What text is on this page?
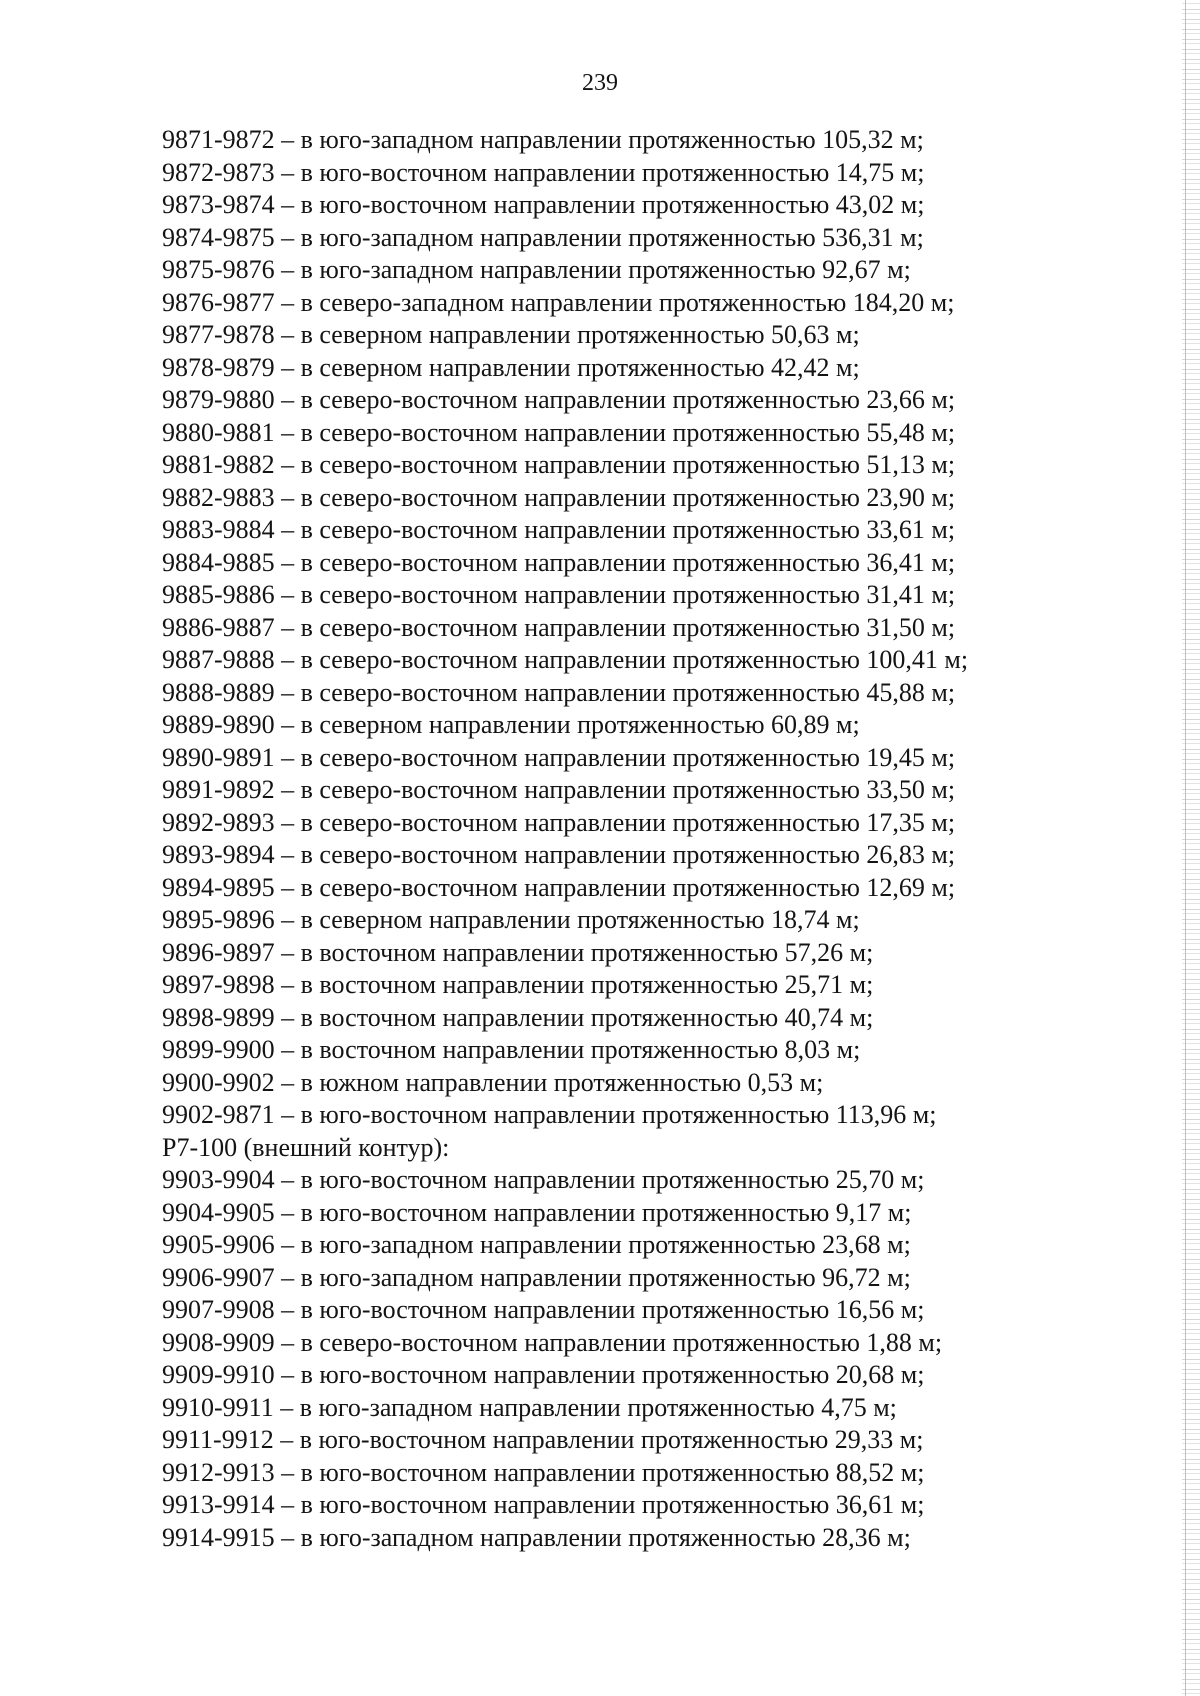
239
9871-9872 – в юго-западном направлении протяженностью 105,32 м;
9872-9873 – в юго-восточном направлении протяженностью 14,75 м;
9873-9874 – в юго-восточном направлении протяженностью 43,02 м;
9874-9875 – в юго-западном направлении протяженностью 536,31 м;
9875-9876 – в юго-западном направлении протяженностью 92,67 м;
9876-9877 – в северо-западном направлении протяженностью 184,20 м;
9877-9878 – в северном направлении протяженностью 50,63 м;
9878-9879 – в северном направлении протяженностью 42,42 м;
9879-9880 – в северо-восточном направлении протяженностью 23,66 м;
9880-9881 – в северо-восточном направлении протяженностью 55,48 м;
9881-9882 – в северо-восточном направлении протяженностью 51,13 м;
9882-9883 – в северо-восточном направлении протяженностью 23,90 м;
9883-9884 – в северо-восточном направлении протяженностью 33,61 м;
9884-9885 – в северо-восточном направлении протяженностью 36,41 м;
9885-9886 – в северо-восточном направлении протяженностью 31,41 м;
9886-9887 – в северо-восточном направлении протяженностью 31,50 м;
9887-9888 – в северо-восточном направлении протяженностью 100,41 м;
9888-9889 – в северо-восточном направлении протяженностью 45,88 м;
9889-9890 – в северном направлении протяженностью 60,89 м;
9890-9891 – в северо-восточном направлении протяженностью 19,45 м;
9891-9892 – в северо-восточном направлении протяженностью 33,50 м;
9892-9893 – в северо-восточном направлении протяженностью 17,35 м;
9893-9894 – в северо-восточном направлении протяженностью 26,83 м;
9894-9895 – в северо-восточном направлении протяженностью 12,69 м;
9895-9896 – в северном направлении протяженностью 18,74 м;
9896-9897 – в восточном направлении протяженностью 57,26 м;
9897-9898 – в восточном направлении протяженностью 25,71 м;
9898-9899 – в восточном направлении протяженностью 40,74 м;
9899-9900 – в восточном направлении протяженностью 8,03 м;
9900-9902 – в южном направлении протяженностью 0,53 м;
9902-9871 – в юго-восточном направлении протяженностью 113,96 м;
Р7-100 (внешний контур):
9903-9904 – в юго-восточном направлении протяженностью 25,70 м;
9904-9905 – в юго-восточном направлении протяженностью 9,17 м;
9905-9906 – в юго-западном направлении протяженностью 23,68 м;
9906-9907 – в юго-западном направлении протяженностью 96,72 м;
9907-9908 – в юго-восточном направлении протяженностью 16,56 м;
9908-9909 – в северо-восточном направлении протяженностью 1,88 м;
9909-9910 – в юго-восточном направлении протяженностью 20,68 м;
9910-9911 – в юго-западном направлении протяженностью 4,75 м;
9911-9912 – в юго-восточном направлении протяженностью 29,33 м;
9912-9913 – в юго-восточном направлении протяженностью 88,52 м;
9913-9914 – в юго-восточном направлении протяженностью 36,61 м;
9914-9915 – в юго-западном направлении протяженностью 28,36 м;
